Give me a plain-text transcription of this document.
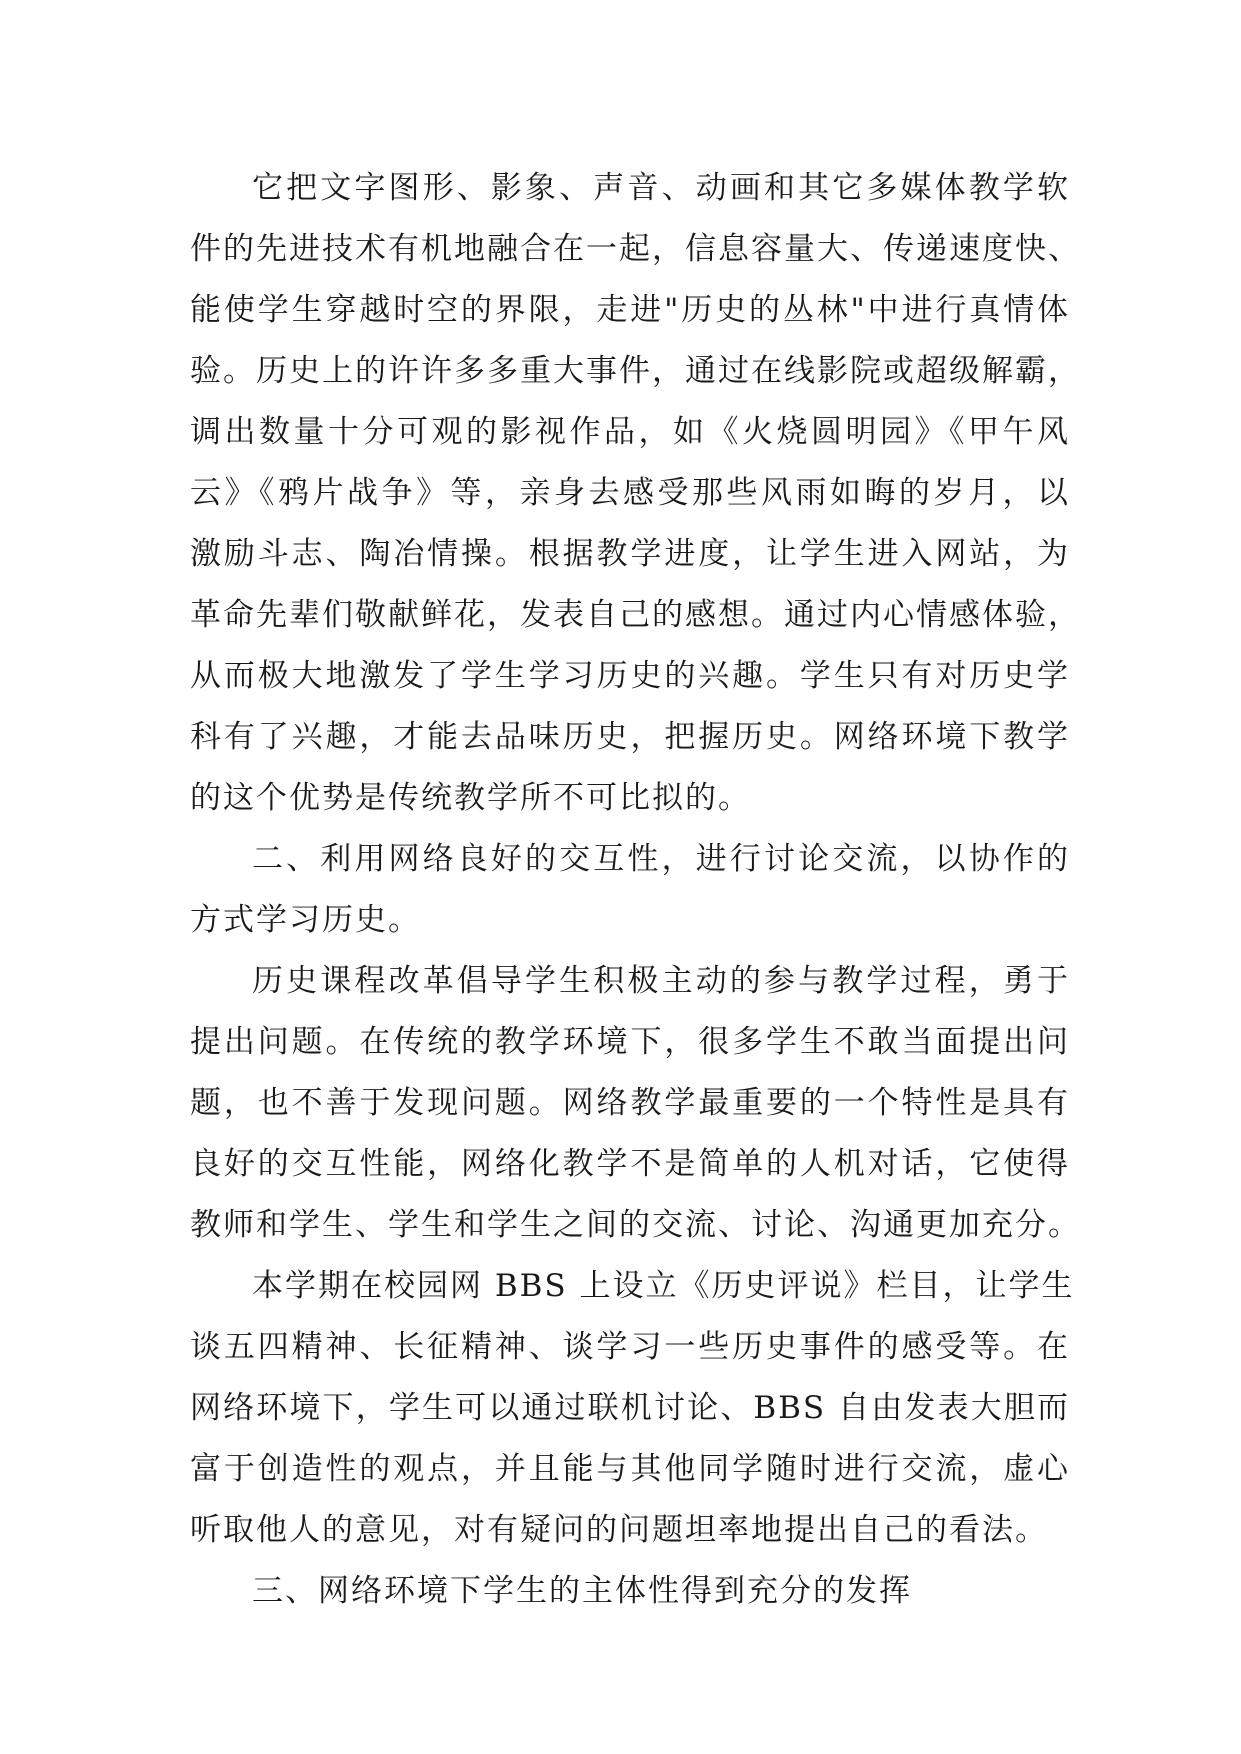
它把文字图形、影象、声音、动画和其它多媒体教学软
件的先进技术有机地融合在一起，信息容量大、传递速度快、
能使学生穿越时空的界限，走进"历史的丛林"中进行真情体
验。历史上的许许多多重大事件，通过在线影院或超级解霸，
调出数量十分可观的影视作品，如《火烧圆明园》《甲午风
云》《鸦片战争》等，亲身去感受那些风雨如晦的岁月，以
激励斗志、陶冶情操。根据教学进度，让学生进入网站，为
革命先辈们敬献鲜花，发表自己的感想。通过内心情感体验，
从而极大地激发了学生学习历史的兴趣。学生只有对历史学
科有了兴趣，才能去品味历史，把握历史。网络环境下教学
的这个优势是传统教学所不可比拟的。
二、利用网络良好的交互性，进行讨论交流，以协作的
方式学习历史。
历史课程改革倡导学生积极主动的参与教学过程，勇于
提出问题。在传统的教学环境下，很多学生不敢当面提出问
题，也不善于发现问题。网络教学最重要的一个特性是具有
良好的交互性能，网络化教学不是简单的人机对话，它使得
教师和学生、学生和学生之间的交流、讨论、沟通更加充分。
本学期在校园网 BBS 上设立《历史评说》栏目，让学生
谈五四精神、长征精神、谈学习一些历史事件的感受等。在
网络环境下，学生可以通过联机讨论、BBS 自由发表大胆而
富于创造性的观点，并且能与其他同学随时进行交流，虚心
听取他人的意见，对有疑问的问题坦率地提出自己的看法。
三、网络环境下学生的主体性得到充分的发挥
